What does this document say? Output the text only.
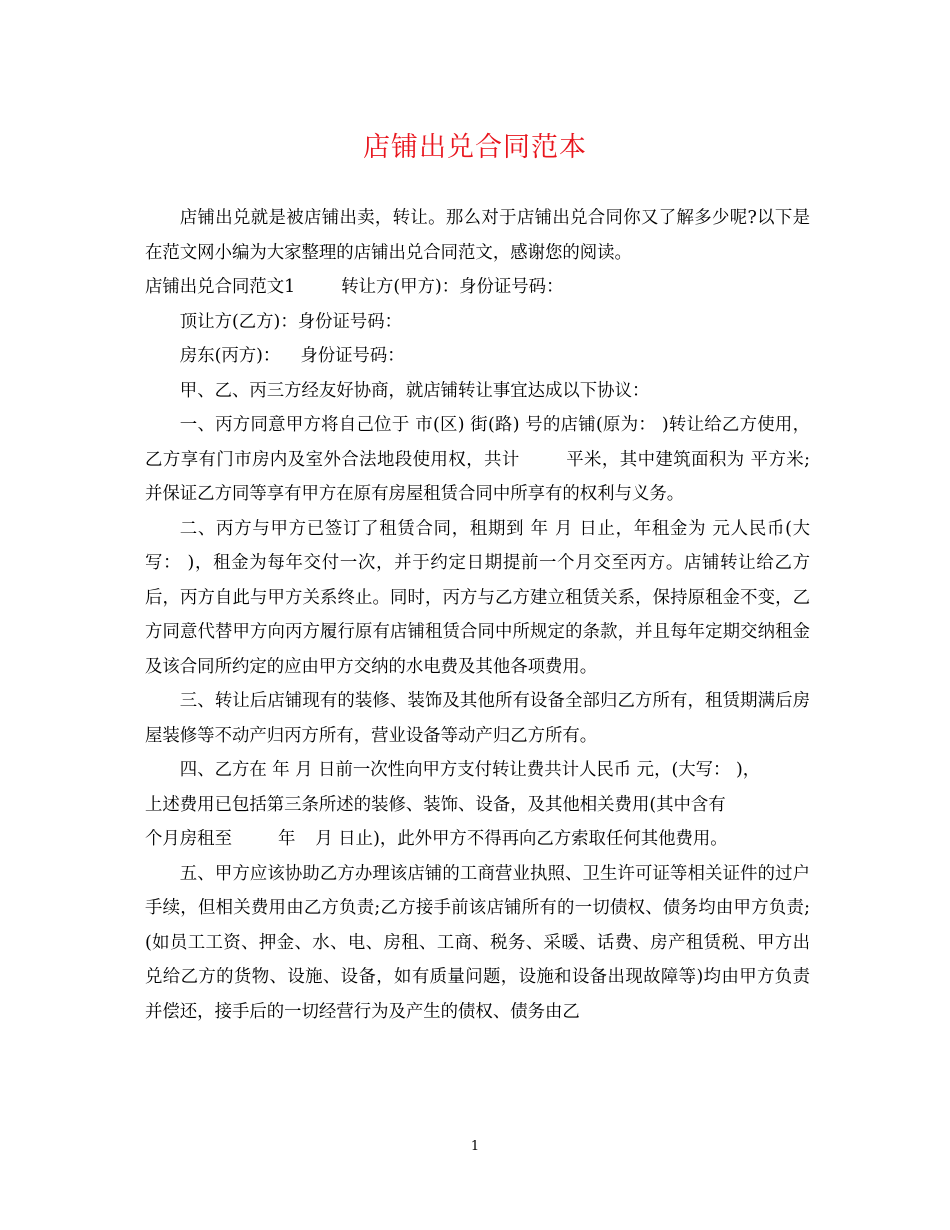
店铺出兑合同范本

店铺出兑就是被店铺出卖，转让。那么对于店铺出兑合同你又了解多少呢?以下是在范文网小编为大家整理的店铺出兑合同范文，感谢您的阅读。

店铺出兑合同范文1	转让方(甲方)：身份证号码：

顶让方(乙方)：身份证号码：

房东(丙方)： 身份证号码：

甲、乙、丙三方经友好协商，就店铺转让事宜达成以下协议：

一、丙方同意甲方将自己位于 市(区) 街(路) 号的店铺(原为： )转让给乙方使用，乙方享有门市房内及室外合法地段使用权，共计	平米，其中建筑面积为 平方米;并保证乙方同等享有甲方在原有房屋租赁合同中所享有的权利与义务。

二、丙方与甲方已签订了租赁合同，租期到 年 月 日止，年租金为 元人民币(大写： )，租金为每年交付一次，并于约定日期提前一个月交至丙方。店铺转让给乙方后，丙方自此与甲方关系终止。同时，丙方与乙方建立租赁关系，保持原租金不变，乙方同意代替甲方向丙方履行原有店铺租赁合同中所规定的条款，并且每年定期交纳租金及该合同所约定的应由甲方交纳的水电费及其他各项费用。

三、转让后店铺现有的装修、装饰及其他所有设备全部归乙方所有，租赁期满后房屋装修等不动产归丙方所有，营业设备等动产归乙方所有。

四、乙方在 年 月 日前一次性向甲方支付转让费共计人民币 元，(大写： )，
上述费用已包括第三条所述的装修、装饰、设备，及其他相关费用(其中含有
个月房租至	年 月 日止)，此外甲方不得再向乙方索取任何其他费用。

五、甲方应该协助乙方办理该店铺的工商营业执照、卫生许可证等相关证件的过户手续，但相关费用由乙方负责;乙方接手前该店铺所有的一切债权、债务均由甲方负责;(如员工工资、押金、水、电、房租、工商、税务、采暖、话费、房产租赁税、甲方出兑给乙方的货物、设施、设备，如有质量问题，设施和设备出现故障等)均由甲方负责并偿还，接手后的一切经营行为及产生的债权、债务由乙

1
